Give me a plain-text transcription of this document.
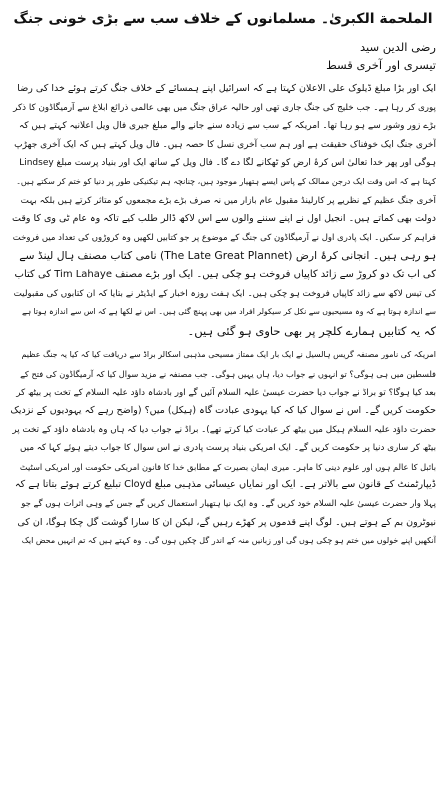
الملحمة الکبریٰ۔ مسلمانوں کے خلاف سب سے بڑی خونی جنگ

رضی الدین سید

تیسری اور آخری قسط

ایک اور بڑا مبلغ ڈیلوک علی الاعلان کہتا ہے کہ اسرائیل اپنے ہمسائے کے خلاف جنگ کرتے ہوئے خدا کی رضا
پوری کر رہا ہے۔ جب خلیج کی جنگ جاری تھی اور حالیہ عراق جنگ میں بھی عالمی ذرائع ابلاغ سے آرمیگاڈون کا ذکر
بڑے زور وشور سے ہو رہا تھا۔ امریکہ کے سب سے زیادہ سنے جانے والے مبلغ جیری فال ویل اعلانیہ کہتے ہیں کہ
آخری جنگ ایک خوفناک حقیقت ہے اور ہم سب آخری نسل کا حصہ ہیں۔ فال ویل کہتے ہیں کہ ایک آخری جھڑپ
ہوگی اور پھر خدا تعالیٰ اس کرۂ ارض کو ٹھکانے لگا دے گا۔ فال ویل کے ساتھ ایک اور بنیاد پرست مبلغ Lindsey
کہتا ہے کہ اس وقت ایک درجن ممالک کے پاس ایسے ہتھیار موجود ہیں، چنانچہ ہم تیکنیکی طور پر دنیا کو ختم کر سکتے ہیں۔
آخری جنگ عظیم کے نظریے پر کارلینڈ مقبول عام بازار میں نہ صرف بڑے بڑے مجمعوں کو متاثر کرتے ہیں بلکہ بہت
دولت بھی کماتے ہیں۔ انجیل اول نے اپنے سننے والوں سے اس لاکھ ڈالر طلب کیے تاکہ وہ عام ٹی وی کا وقت
فراہم کر سکیں۔ ایک پادری اول نے آرمیگاڈون کی جنگ کے موضوع پر جو کتابیں لکھیں وہ کروڑوں کی تعداد میں فروخت
ہو رہی ہیں۔ انجانی کرۂ ارض (The Late Great Plannet) نامی کتاب مصنف ہال لینڈ سے
کی اب تک دو کروڑ سے زائد کاپیاں فروخت ہو چکی ہیں۔ ایک اور بڑے مصنف Tim Lahaye کی کتاب
کی تیس لاکھ سے زائد کاپیاں فروخت ہو چکی ہیں۔ ایک ہفت روزہ اخبار کے ایڈیٹر نے بتایا کہ ان کتابوں کی مقبولیت
سے اندازہ ہوتا ہے کہ وہ مسیحیوں سے نکل کر سیکولر افراد میں بھی پہنچ گئی ہیں۔ اس نے لکھا ہے کہ اس سے اندازہ ہوتا ہے
کہ یہ کتابیں ہمارے کلچر پر بھی حاوی ہو گئی ہیں۔
امریکہ کی نامور مصنفہ گریس ہالسیل نے ایک بار ایک ممتاز مسیحی مذہبی اسکالر براڈ سے دریافت کیا کہ کیا یہ جنگ عظیم
فلسطین میں ہی ہوگی؟ تو انہوں نے جواب دیا، ہاں یہیں ہوگی۔ جب مصنفہ نے مزید سوال کیا کہ آرمیگاڈون کی فتح کے
بعد کیا ہوگا؟ تو براڈ نے جواب دیا حضرت عیسیٰ علیہ السلام آئیں گے اور بادشاہ داؤد علیہ السلام کے تخت پر بیٹھ کر
حکومت کریں گے۔ اس نے سوال کیا کہ کیا یہودی عبادت گاہ (ہیکل) میں؟ (واضح رہے کہ یہودیوں کے نزدیک
حضرت داؤد علیہ السلام ہیکل میں بیٹھ کر عبادت کیا کرتے تھے)۔ براڈ نے جواب دیا کہ ہاں وہ بادشاہ داؤد کے تخت پر
بیٹھ کر ساری دنیا پر حکومت کریں گے۔ ایک امریکی بنیاد پرست پادری نے اس سوال کا جواب دیتے ہوئے کہا کہ میں
بائبل کا عالم ہوں اور علوم دینی کا ماہر۔ میری ایمان بصیرت کے مطابق خدا کا قانون امریکی حکومت اور امریکی اسٹیٹ
ڈیپارٹمنٹ کے قانون سے بالاتر ہے۔ ایک اور نمایاں عیسائی مذہبی مبلغ Cloyd تبلیغ کرتے ہوئے بتاتا ہے کہ
پہلا وار حضرت عیسیٰ علیہ السلام خود کریں گے۔ وہ ایک نیا ہتھیار استعمال کریں گے جس کے وہی اثرات ہوں گے جو
نیوٹرون بم کے ہوتے ہیں۔ لوگ اپنے قدموں پر کھڑے رہیں گے، لیکن ان کا سارا گوشت گل چکا ہوگا، ان کی
آنکھیں اپنے خولوں میں ختم ہو چکی ہوں گی اور زبانیں منہ کے اندر گل چکیں ہوں گی۔ وہ کہتے ہیں کہ تم انہیں محض ایک
